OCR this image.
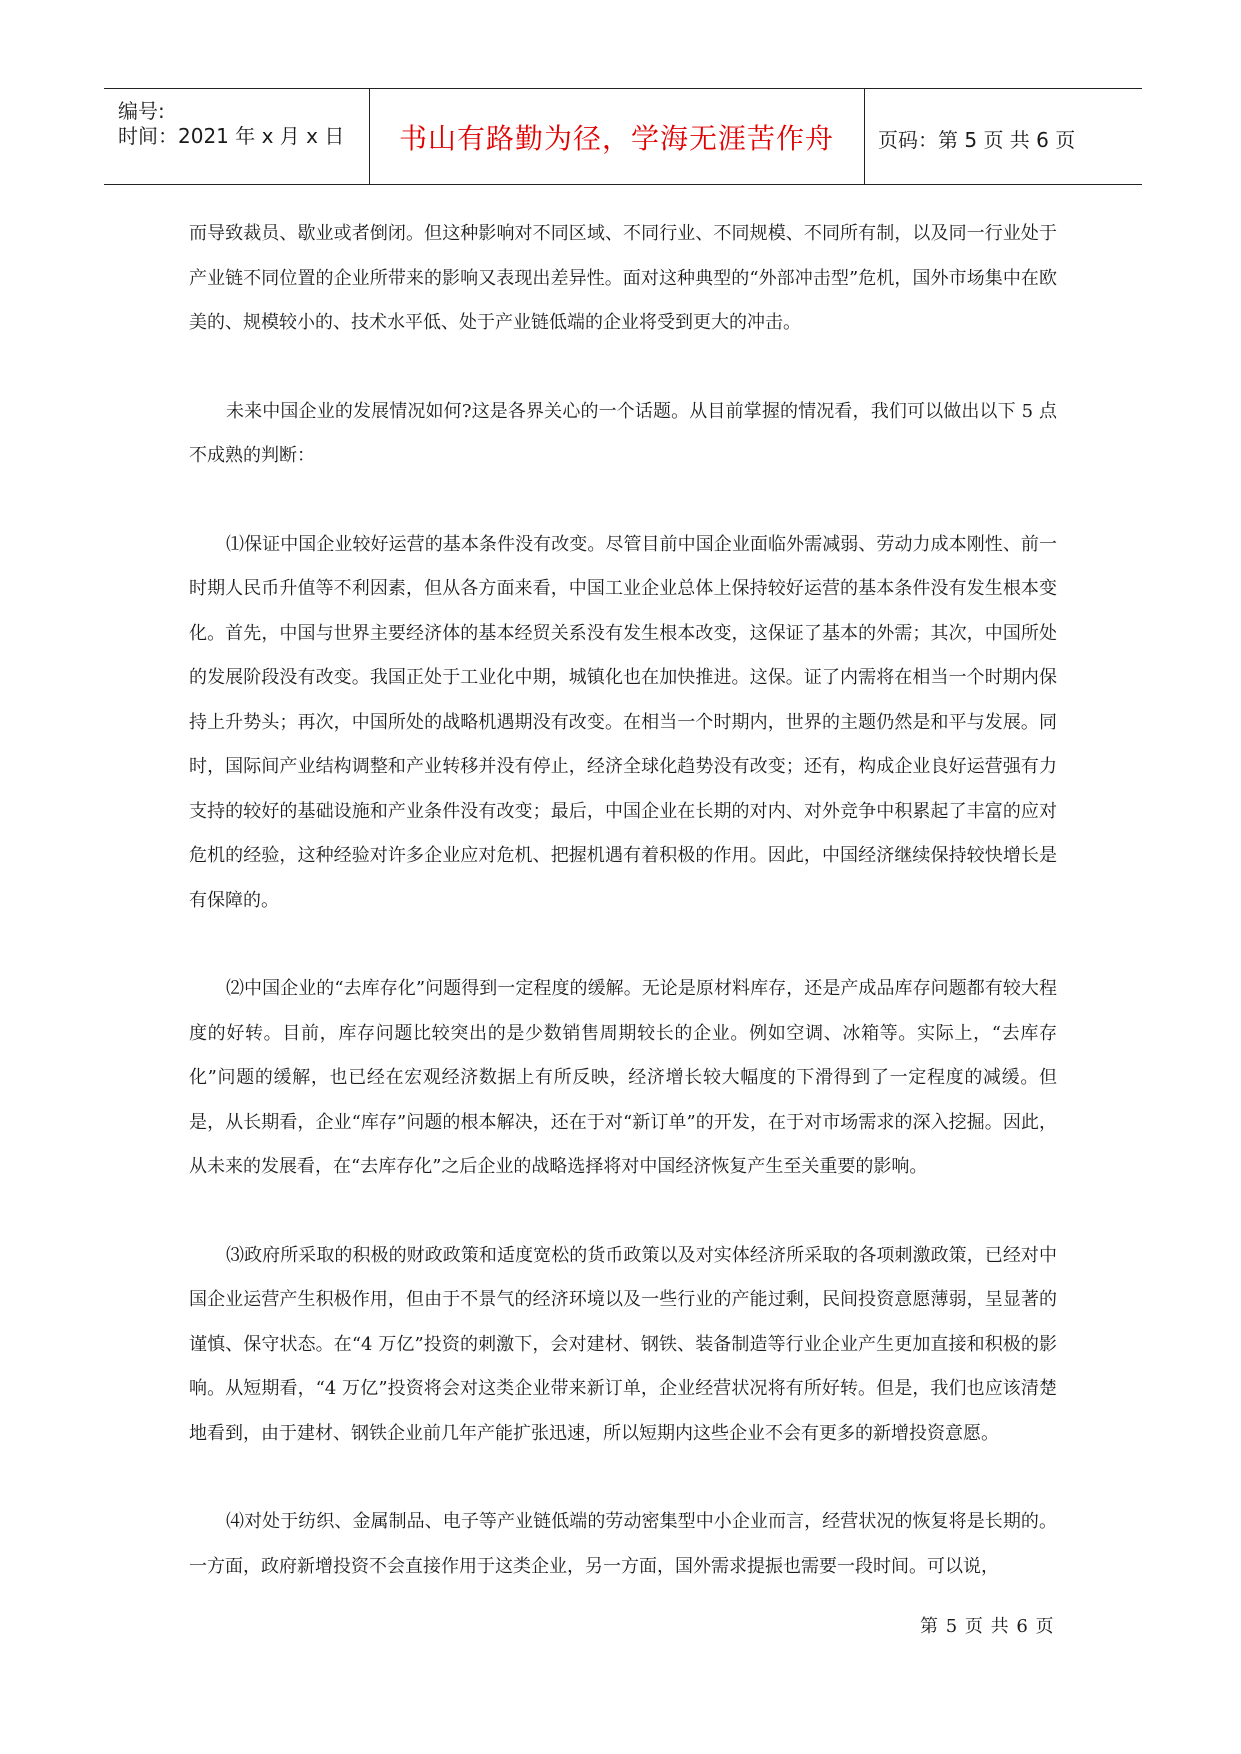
编号:
时间：2021 年 x 月 x 日	书山有路勤为径，学海无涯苦作舟	页码：第 5 页 共 6 页

而导致裁员、歇业或者倒闭。但这种影响对不同区域、不同行业、不同规模、不同所有制，以及同一行业处于产业链不同位置的企业所带来的影响又表现出差异性。面对这种典型的“外部冲击型”危机，国外市场集中在欧美的、规模较小的、技术水平低、处于产业链低端的企业将受到更大的冲击。

未来中国企业的发展情况如何?这是各界关心的一个话题。从目前掌握的情况看，我们可以做出以下 5 点不成熟的判断：

⑴保证中国企业较好运营的基本条件没有改变。尽管目前中国企业面临外需减弱、劳动力成本刚性、前一时期人民币升值等不利因素，但从各方面来看，中国工业企业总体上保持较好运营的基本条件没有发生根本变化。首先，中国与世界主要经济体的基本经贸关系没有发生根本改变，这保证了基本的外需；其次，中国所处的发展阶段没有改变。我国正处于工业化中期，城镇化也在加快推进。这保。证了内需将在相当一个时期内保持上升势头；再次，中国所处的战略机遇期没有改变。在相当一个时期内，世界的主题仍然是和平与发展。同时，国际间产业结构调整和产业转移并没有停止，经济全球化趋势没有改变；还有，构成企业良好运营强有力支持的较好的基础设施和产业条件没有改变；最后，中国企业在长期的对内、对外竞争中积累起了丰富的应对危机的经验，这种经验对许多企业应对危机、把握机遇有着积极的作用。因此，中国经济继续保持较快增长是有保障的。

⑵中国企业的“去库存化”问题得到一定程度的缓解。无论是原材料库存，还是产成品库存问题都有较大程度的好转。目前，库存问题比较突出的是少数销售周期较长的企业。例如空调、冰箱等。实际上，“去库存化”问题的缓解，也已经在宏观经济数据上有所反映，经济增长较大幅度的下滑得到了一定程度的减缓。但是，从长期看，企业“库存”问题的根本解决，还在于对“新订单”的开发，在于对市场需求的深入挖掘。因此，从未来的发展看，在“去库存化”之后企业的战略选择将对中国经济恢复产生至关重要的影响。

⑶政府所采取的积极的财政政策和适度宽松的货币政策以及对实体经济所采取的各项刺激政策，已经对中国企业运营产生积极作用，但由于不景气的经济环境以及一些行业的产能过剩，民间投资意愿薄弱，呈显著的谨慎、保守状态。在“4 万亿”投资的刺激下，会对建材、钢铁、装备制造等行业企业产生更加直接和积极的影响。从短期看，“4 万亿”投资将会对这类企业带来新订单，企业经营状况将有所好转。但是，我们也应该清楚地看到，由于建材、钢铁企业前几年产能扩张迅速，所以短期内这些企业不会有更多的新增投资意愿。

⑷对处于纺织、金属制品、电子等产业链低端的劳动密集型中小企业而言，经营状况的恢复将是长期的。一方面，政府新增投资不会直接作用于这类企业，另一方面，国外需求提振也需要一段时间。可以说，

第 5 页 共 6 页
